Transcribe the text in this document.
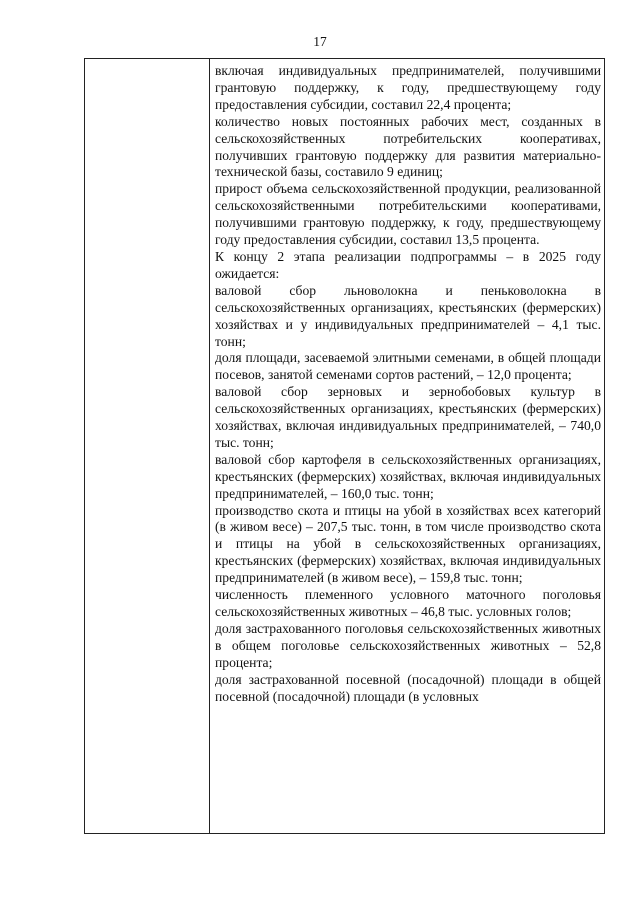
17

включая индивидуальных предпринимателей, получившими грантовую поддержку, к году, предшествующему году предоставления субсидии, составил 22,4 процента;

количество новых постоянных рабочих мест, созданных в сельскохозяйственных потребительских кооперативах, получивших грантовую поддержку для развития материально-технической базы, составило 9 единиц;

прирост объема сельскохозяйственной продукции, реализованной сельскохозяйственными потребительскими кооперативами, получившими грантовую поддержку, к году, предшествующему году предоставления субсидии, составил 13,5 процента.

К концу 2 этапа реализации подпрограммы – в 2025 году ожидается:

валовой сбор льноволокна и пеньковолокна в сельскохозяйственных организациях, крестьянских (фермерских) хозяйствах и у индивидуальных предпринимателей – 4,1 тыс. тонн;

доля площади, засеваемой элитными семенами, в общей площади посевов, занятой семенами сортов растений, – 12,0 процента;

валовой сбор зерновых и зернобобовых культур в сельскохозяйственных организациях, крестьянских (фермерских) хозяйствах, включая индивидуальных предпринимателей, – 740,0 тыс. тонн;

валовой сбор картофеля в сельскохозяйственных организациях, крестьянских (фермерских) хозяйствах, включая индивидуальных предпринимателей, – 160,0 тыс. тонн;

производство скота и птицы на убой в хозяйствах всех категорий (в живом весе) – 207,5 тыс. тонн, в том числе производство скота и птицы на убой в сельскохозяйственных организациях, крестьянских (фермерских) хозяйствах, включая индивидуальных предпринимателей (в живом весе), – 159,8 тыс. тонн;

численность племенного условного маточного поголовья сельскохозяйственных животных – 46,8 тыс. условных голов;

доля застрахованного поголовья сельскохозяйственных животных в общем поголовье сельскохозяйственных животных – 52,8 процента;

доля застрахованной посевной (посадочной) площади в общей посевной (посадочной) площади (в условных
